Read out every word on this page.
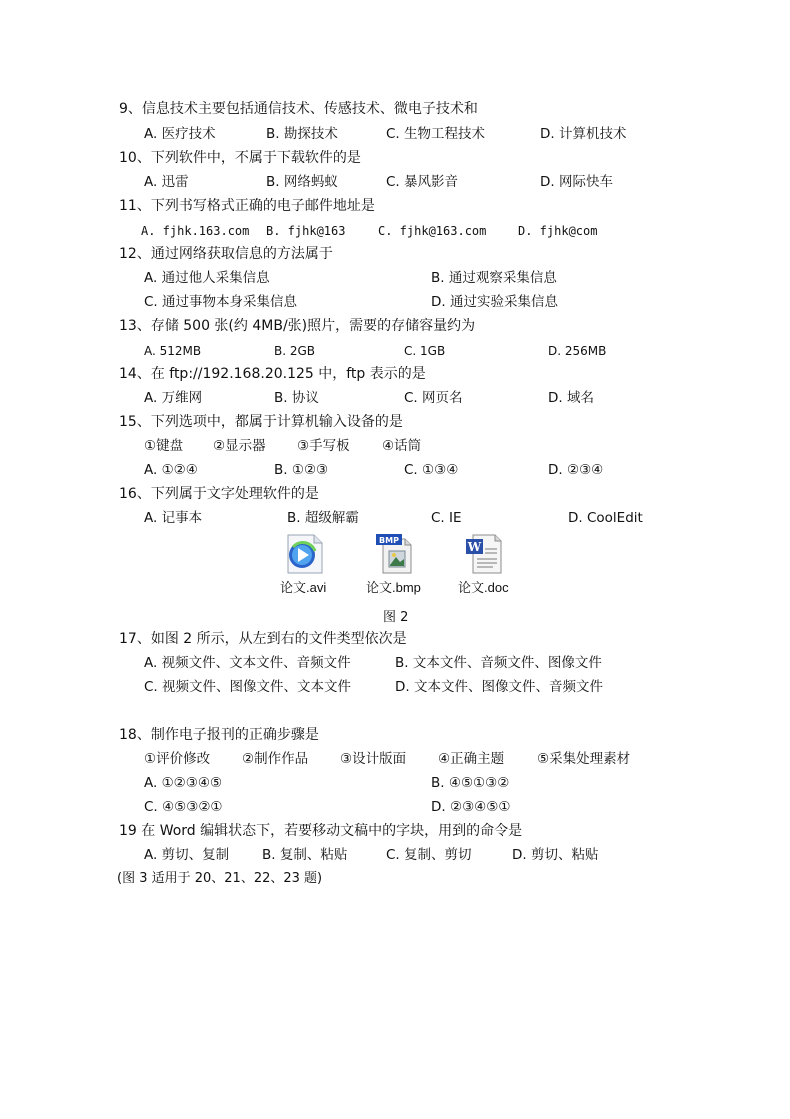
9、信息技术主要包括通信技术、传感技术、微电子技术和
A. 医疗技术	B. 勘探技术	C. 生物工程技术	D. 计算机技术
10、下列软件中，不属于下载软件的是
A. 迅雷	B. 网络蚂蚁	C. 暴风影音	D. 网际快车
11、下列书写格式正确的电子邮件地址是
A. fjhk.163.com B. fjhk@163	C. fjhk@163.com	D. fjhk@com
12、通过网络获取信息的方法属于
A. 通过他人采集信息	B. 通过观察采集信息
C. 通过事物本身采集信息	D. 通过实验采集信息
13、存储 500 张(约 4MB/张)照片，需要的存储容量约为
A. 512MB	B. 2GB	C. 1GB	D. 256MB
14、在 ftp://192.168.20.125 中，ftp 表示的是
A. 万维网	B. 协议	C. 网页名	D. 域名
15、下列选项中，都属于计算机输入设备的是
①键盘 ②显示器 ③手写板 ④话筒
A. ①②④	B. ①②③	C. ①③④	D. ②③④
16、下列属于文字处理软件的是
A. 记事本	B. 超级解霸	C. IE	D. CoolEdit
BMP	W
论文.avi	论文.bmp	论文.doc
图 2
17、如图 2 所示，从左到右的文件类型依次是
A. 视频文件、文本文件、音频文件	B. 文本文件、音频文件、图像文件
C. 视频文件、图像文件、文本文件	D. 文本文件、图像文件、音频文件
18、制作电子报刊的正确步骤是
①评价修改 ②制作作品 ③设计版面 ④正确主题 ⑤采集处理素材
A. ①②③④⑤	B. ④⑤①③②
C. ④⑤③②①	D. ②③④⑤①
19 在 Word 编辑状态下，若要移动文稿中的字块，用到的命令是
A. 剪切、复制 B. 复制、粘贴	C. 复制、剪切	D. 剪切、粘贴
(图 3 适用于 20、21、22、23 题)
